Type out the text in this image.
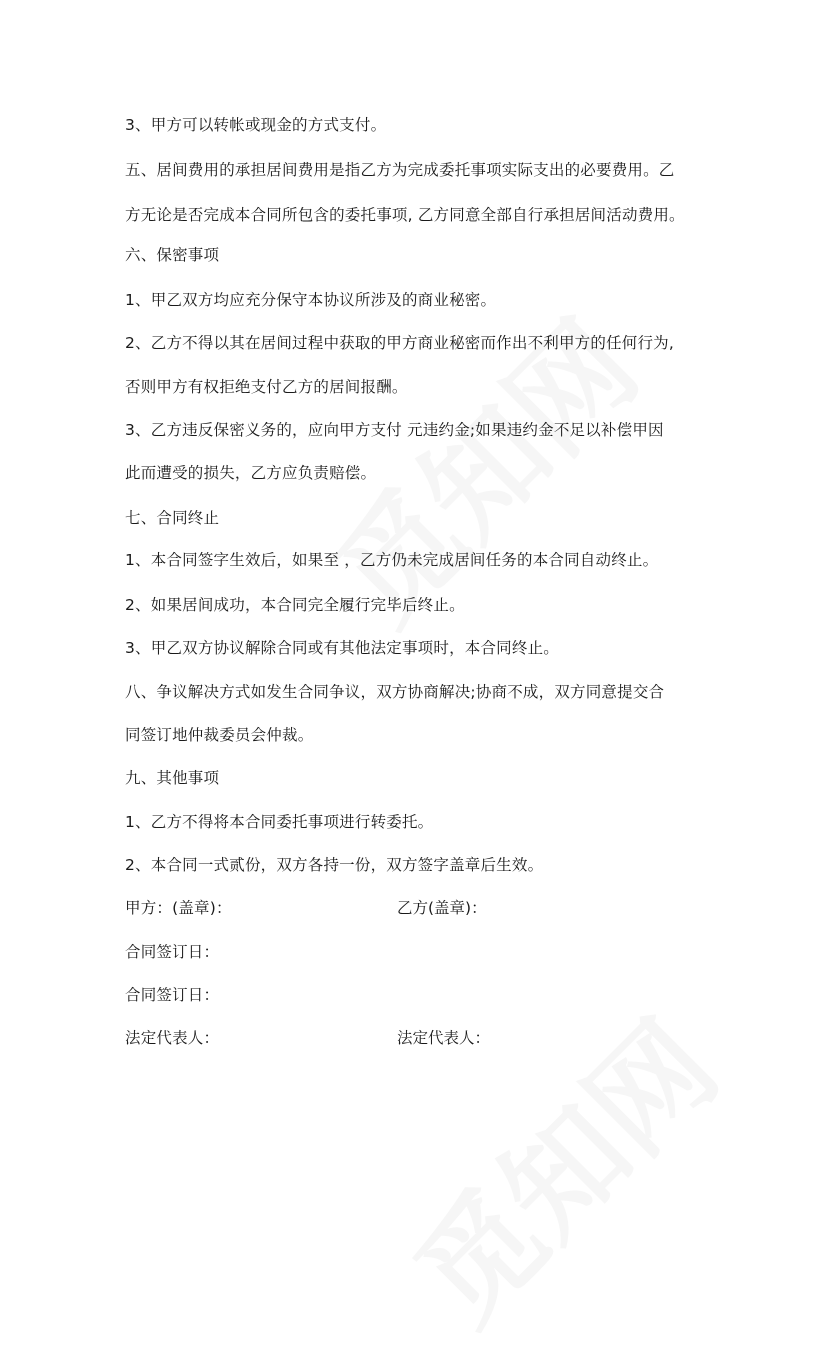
3、甲方可以转帐或现金的方式支付。
五、居间费用的承担居间费用是指乙方为完成委托事项实际支出的必要费用。乙
方无论是否完成本合同所包含的委托事项, 乙方同意全部自行承担居间活动费用。
六、保密事项
1、甲乙双方均应充分保守本协议所涉及的商业秘密。
2、乙方不得以其在居间过程中获取的甲方商业秘密而作出不利甲方的任何行为,
否则甲方有权拒绝支付乙方的居间报酬。
3、乙方违反保密义务的，应向甲方支付 元违约金;如果违约金不足以补偿甲因
此而遭受的损失，乙方应负责赔偿。
七、合同终止
1、本合同签字生效后，如果至 ，乙方仍未完成居间任务的本合同自动终止。
2、如果居间成功，本合同完全履行完毕后终止。
3、甲乙双方协议解除合同或有其他法定事项时，本合同终止。
八、争议解决方式如发生合同争议，双方协商解决;协商不成，双方同意提交合
同签订地仲裁委员会仲裁。
九、其他事项
1、乙方不得将本合同委托事项进行转委托。
2、本合同一式贰份，双方各持一份，双方签字盖章后生效。
甲方：(盖章)：	乙方(盖章)：
合同签订日：
合同签订日：
法定代表人：	法定代表人：
